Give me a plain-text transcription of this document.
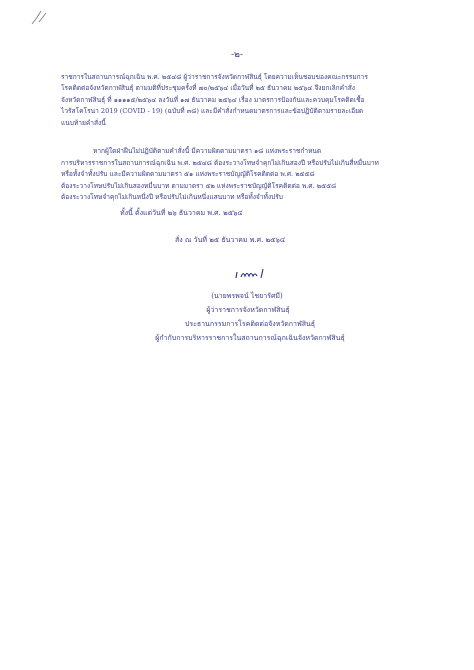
-๒-
ราชการในสถานการณ์ฉุกเฉิน พ.ศ. ๒๕๔๘ ผู้ว่าราชการจังหวัดกาฬสินธุ์ โดยความเห็นชอบของคณะกรรมการ
โรคติดต่อจังหวัดกาฬสินธุ์ ตามมติที่ประชุมครั้งที่ ๗๐/๒๕๖๔ เมื่อวันที่ ๒๕ ธันวาคม ๒๕๖๔ จึงยกเลิกคำสั่ง
จังหวัดกาฬสินธุ์ ที่ ๑๑๑๑๕/๒๕๖๔ ลงวันที่ ๑๗ ธันวาคม ๒๕๖๔ เรื่อง มาตรการป้องกันและควบคุมโรคติดเชื้อ
ไวรัสโคโรนา 2019 (COVID - 19) (ฉบับที่ ๓๘) และมีคำสั่งกำหนดมาตรการและข้อปฏิบัติตามรายละเอียด
แนบท้ายคำสั่งนี้
หากผู้ใดฝ่าฝืนไม่ปฏิบัติตามคำสั่งนี้ มีความผิดตามมาตรา ๑๘ แห่งพระราชกำหนด
การบริหารราชการในสถานการณ์ฉุกเฉิน พ.ศ. ๒๕๔๘ ต้องระวางโทษจำคุกไม่เกินสองปี หรือปรับไม่เกินสี่หมื่นบาท
หรือทั้งจำทั้งปรับ และมีความผิดตามมาตรา ๕๑ แห่งพระราชบัญญัติโรคติดต่อ พ.ศ. ๒๕๕๘
ต้องระวางโทษปรับไม่เกินสองหมื่นบาท ตามมาตรา ๕๒ แห่งพระราชบัญญัติโรคติดต่อ พ.ศ. ๒๕๕๘
ต้องระวางโทษจำคุกไม่เกินหนึ่งปี หรือปรับไม่เกินหนึ่งแสนบาท หรือทั้งจำทั้งปรับ
ทั้งนี้ ตั้งแต่วันที่ ๒๖ ธันวาคม พ.ศ. ๒๕๖๔
สั่ง ณ วันที่ ๒๕ ธันวาคม พ.ศ. ๒๕๖๔
(นายพรพจน์ ไชยารัศมี)
ผู้ว่าราชการจังหวัดกาฬสินธุ์
ประธานกรรมการโรคติดต่อจังหวัดกาฬสินธุ์
ผู้กำกับการบริหารราชการในสถานการณ์ฉุกเฉินจังหวัดกาฬสินธุ์
